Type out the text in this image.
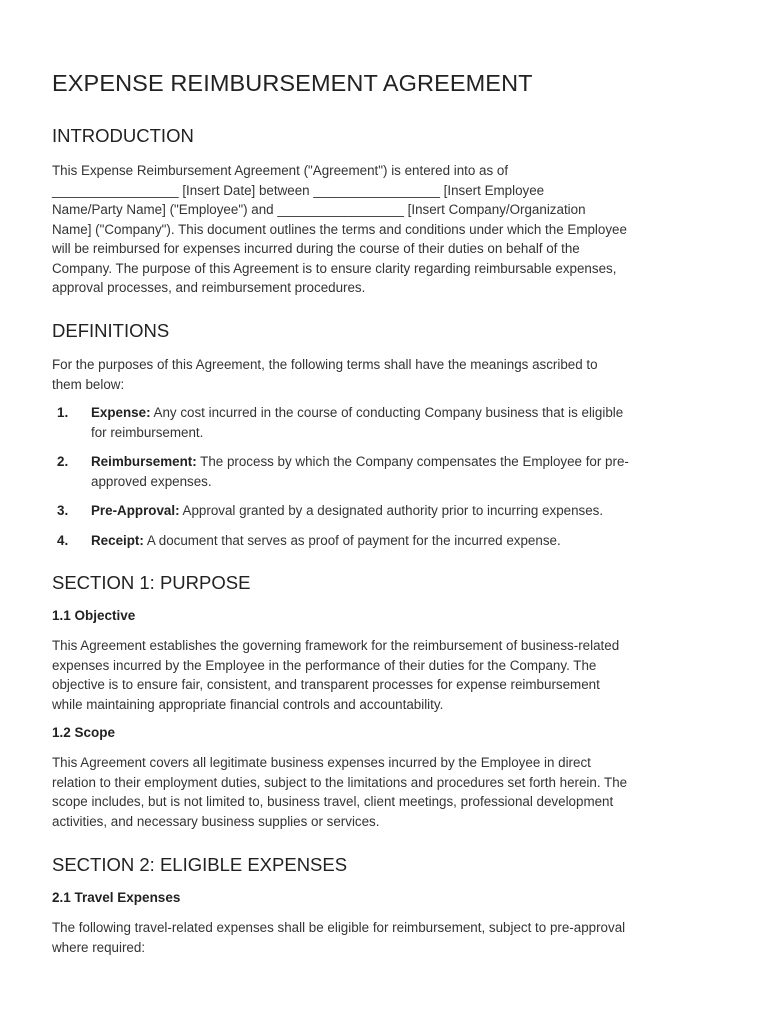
EXPENSE REIMBURSEMENT AGREEMENT
INTRODUCTION
This Expense Reimbursement Agreement ("Agreement") is entered into as of
_________________ [Insert Date] between _________________ [Insert Employee
Name/Party Name] ("Employee") and _________________ [Insert Company/Organization
Name] ("Company"). This document outlines the terms and conditions under which the Employee
will be reimbursed for expenses incurred during the course of their duties on behalf of the
Company. The purpose of this Agreement is to ensure clarity regarding reimbursable expenses,
approval processes, and reimbursement procedures.
DEFINITIONS
For the purposes of this Agreement, the following terms shall have the meanings ascribed to
them below:
1. Expense: Any cost incurred in the course of conducting Company business that is eligible
for reimbursement.
2. Reimbursement: The process by which the Company compensates the Employee for pre-
approved expenses.
3. Pre-Approval: Approval granted by a designated authority prior to incurring expenses.
4. Receipt: A document that serves as proof of payment for the incurred expense.
SECTION 1: PURPOSE
1.1 Objective
This Agreement establishes the governing framework for the reimbursement of business-related
expenses incurred by the Employee in the performance of their duties for the Company. The
objective is to ensure fair, consistent, and transparent processes for expense reimbursement
while maintaining appropriate financial controls and accountability.
1.2 Scope
This Agreement covers all legitimate business expenses incurred by the Employee in direct
relation to their employment duties, subject to the limitations and procedures set forth herein. The
scope includes, but is not limited to, business travel, client meetings, professional development
activities, and necessary business supplies or services.
SECTION 2: ELIGIBLE EXPENSES
2.1 Travel Expenses
The following travel-related expenses shall be eligible for reimbursement, subject to pre-approval
where required:
